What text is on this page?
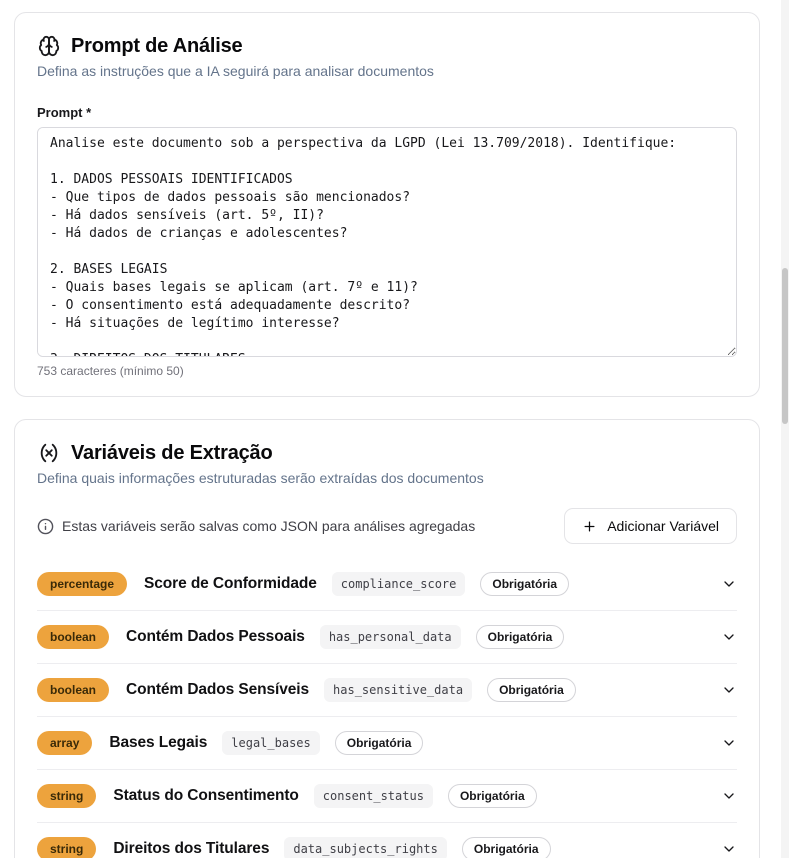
Prompt de Análise

Defina as instruções que a IA seguirá para analisar documentos

Prompt *
Analise este documento sob a perspectiva da LGPD (Lei 13.709/2018). Identifique: 1. DADOS PESSOAIS IDENTIFICADOS - Que tipos de dados pessoais são mencionados? - Há dados sensíveis (art. 5º, II)? - Há dados de crianças e adolescentes? 2. BASES LEGAIS - Quais bases legais se aplicam (art. 7º e 11)? - O consentimento está adequadamente descrito? - Há situações de legítimo interesse? 3. DIREITOS DOS TITULARES
753 caracteres (mínimo 50)
Variáveis de Extração

Defina quais informações estruturadas serão extraídas dos documentos

Estas variáveis serão salvas como JSON para análises agregadas	Adicionar Variável
percentage	Score de Conformidade	compliance_score	Obrigatória
boolean	Contém Dados Pessoais	has_personal_data	Obrigatória
boolean	Contém Dados Sensíveis	has_sensitive_data	Obrigatória
array	Bases Legais	legal_bases	Obrigatória
string	Status do Consentimento	consent_status	Obrigatória
string	Direitos dos Titulares	data_subjects_rights	Obrigatória
